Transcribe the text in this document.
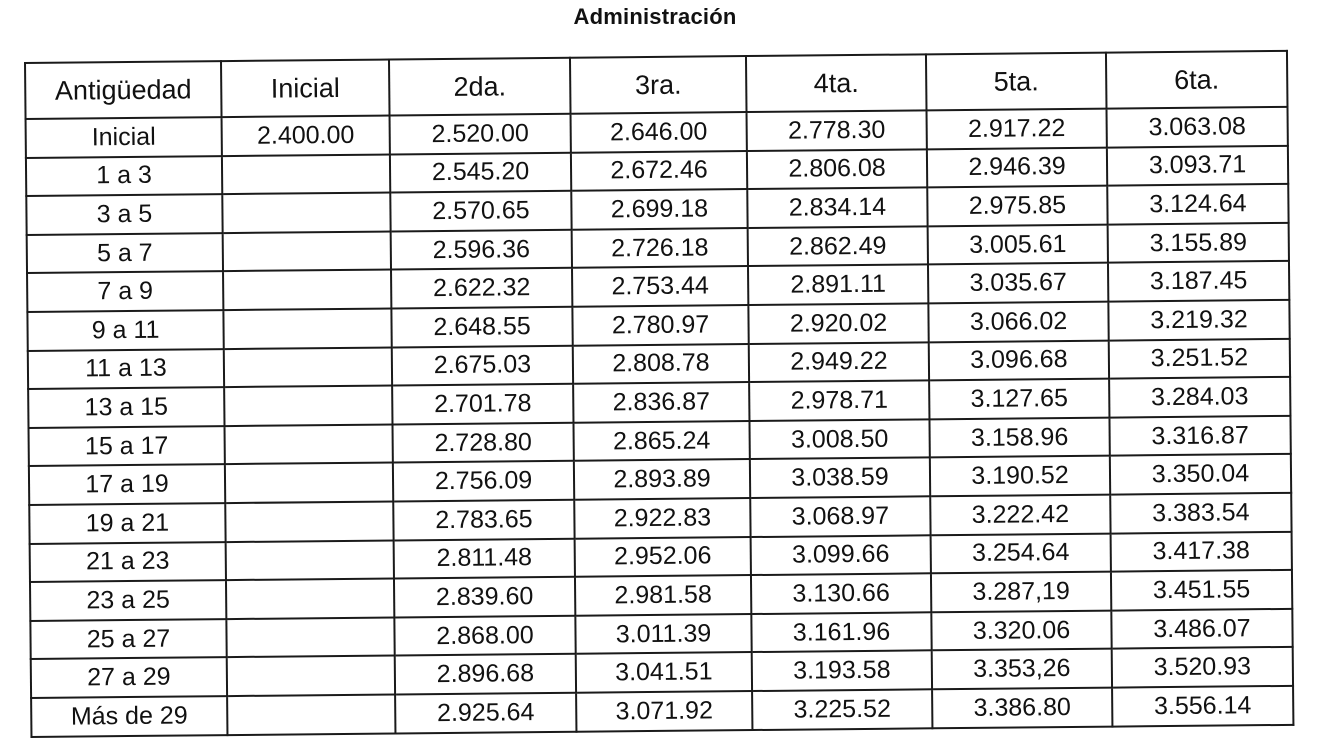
Administración
Antigüedad	Inicial	2da.	3ra.	4ta.	5ta.	6ta.
Inicial	2.400.00	2.520.00	2.646.00	2.778.30	2.917.22	3.063.08
1 a 3		2.545.20	2.672.46	2.806.08	2.946.39	3.093.71
3 a 5		2.570.65	2.699.18	2.834.14	2.975.85	3.124.64
5 a 7		2.596.36	2.726.18	2.862.49	3.005.61	3.155.89
7 a 9		2.622.32	2.753.44	2.891.11	3.035.67	3.187.45
9 a 11		2.648.55	2.780.97	2.920.02	3.066.02	3.219.32
11 a 13		2.675.03	2.808.78	2.949.22	3.096.68	3.251.52
13 a 15		2.701.78	2.836.87	2.978.71	3.127.65	3.284.03
15 a 17		2.728.80	2.865.24	3.008.50	3.158.96	3.316.87
17 a 19		2.756.09	2.893.89	3.038.59	3.190.52	3.350.04
19 a 21		2.783.65	2.922.83	3.068.97	3.222.42	3.383.54
21 a 23		2.811.48	2.952.06	3.099.66	3.254.64	3.417.38
23 a 25		2.839.60	2.981.58	3.130.66	3.287,19	3.451.55
25 a 27		2.868.00	3.011.39	3.161.96	3.320.06	3.486.07
27 a 29		2.896.68	3.041.51	3.193.58	3.353,26	3.520.93
Más de 29		2.925.64	3.071.92	3.225.52	3.386.80	3.556.14
